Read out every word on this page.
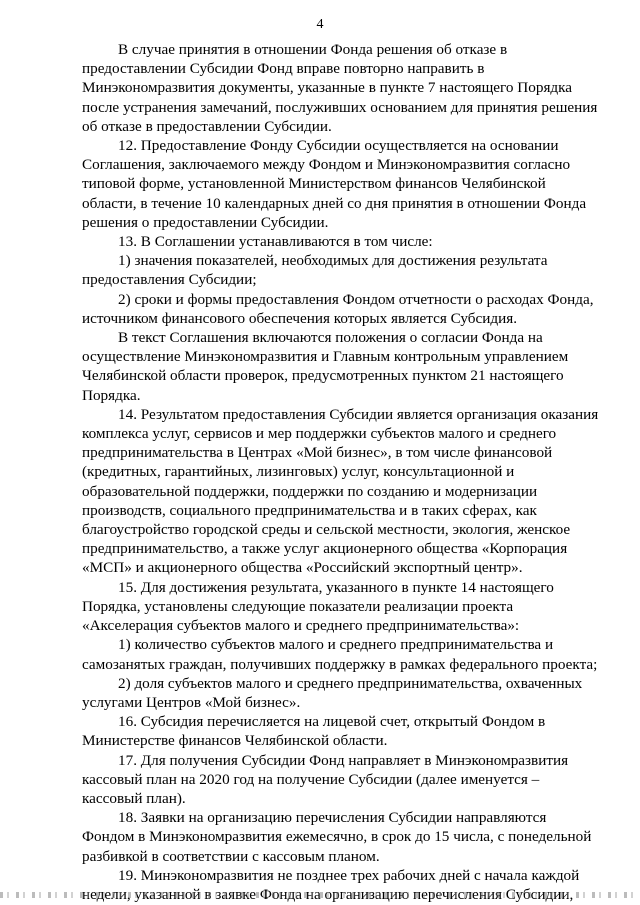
4

В случае принятия в отношении Фонда решения об отказе в
предоставлении Субсидии Фонд вправе повторно направить в
Минэкономразвития документы, указанные в пункте 7 настоящего Порядка
после устранения замечаний, послуживших основанием для принятия решения
об отказе в предоставлении Субсидии.

12. Предоставление Фонду Субсидии осуществляется на основании
Соглашения, заключаемого между Фондом и Минэкономразвития согласно
типовой форме, установленной Министерством финансов Челябинской
области, в течение 10 календарных дней со дня принятия в отношении Фонда
решения о предоставлении Субсидии.

13. В Соглашении устанавливаются в том числе:

1) значения показателей, необходимых для достижения результата
предоставления Субсидии;

2) сроки и формы предоставления Фондом отчетности о расходах Фонда,
источником финансового обеспечения которых является Субсидия.

В текст Соглашения включаются положения о согласии Фонда на
осуществление Минэкономразвития и Главным контрольным управлением
Челябинской области проверок, предусмотренных пунктом 21 настоящего
Порядка.

14. Результатом предоставления Субсидии является организация оказания
комплекса услуг, сервисов и мер поддержки субъектов малого и среднего
предпринимательства в Центрах «Мой бизнес», в том числе финансовой
(кредитных, гарантийных, лизинговых) услуг, консультационной и
образовательной поддержки, поддержки по созданию и модернизации
производств, социального предпринимательства и в таких сферах, как
благоустройство городской среды и сельской местности, экология, женское
предпринимательство, а также услуг акционерного общества «Корпорация
«МСП» и акционерного общества «Российский экспортный центр».

15. Для достижения результата, указанного в пункте 14 настоящего
Порядка, установлены следующие показатели реализации проекта
«Акселерация субъектов малого и среднего предпринимательства»:

1) количество субъектов малого и среднего предпринимательства и
самозанятых граждан, получивших поддержку в рамках федерального проекта;

2) доля субъектов малого и среднего предпринимательства, охваченных
услугами Центров «Мой бизнес».

16. Субсидия перечисляется на лицевой счет, открытый Фондом в
Министерстве финансов Челябинской области.

17. Для получения Субсидии Фонд направляет в Минэкономразвития
кассовый план на 2020 год на получение Субсидии (далее именуется –
кассовый план).

18. Заявки на организацию перечисления Субсидии направляются
Фондом в Минэкономразвития ежемесячно, в срок до 15 числа, с понедельной
разбивкой в соответствии с кассовым планом.

19. Минэкономразвития не позднее трех рабочих дней с начала каждой
недели, указанной в заявке Фонда на организацию перечисления Субсидии,
